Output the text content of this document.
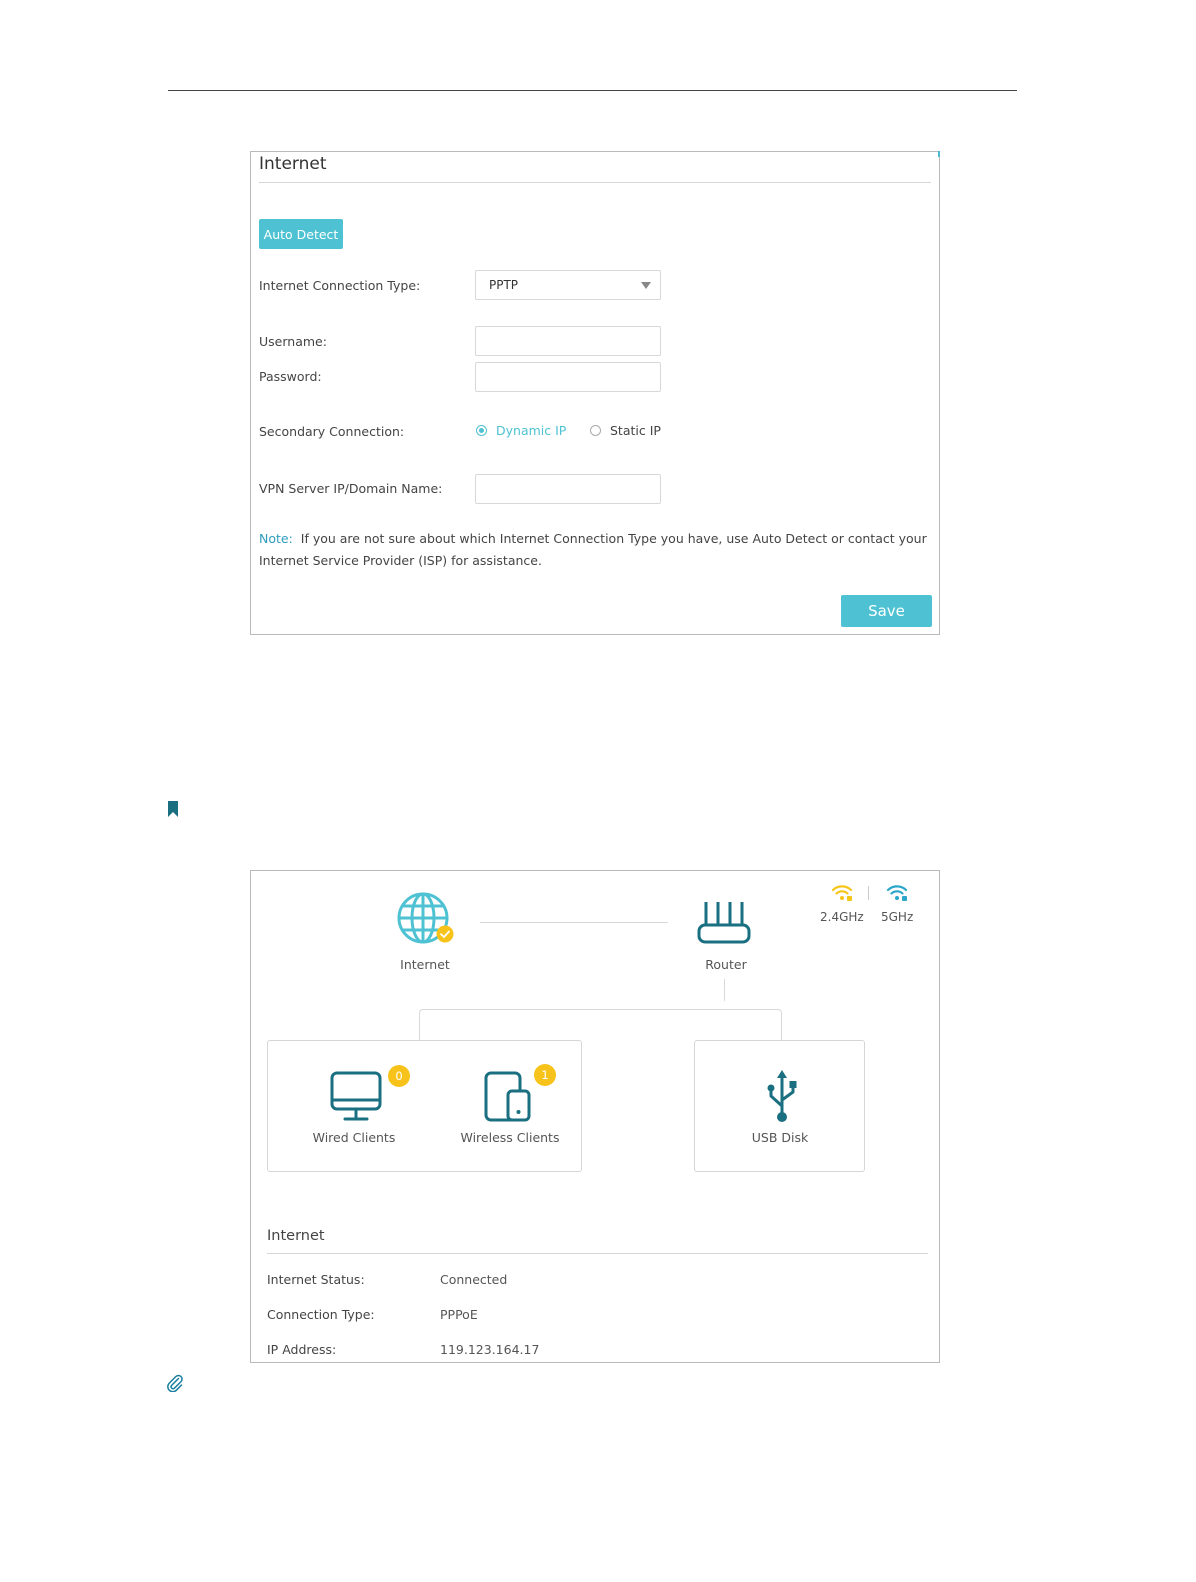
Internet
Auto Detect
Internet Connection Type:	PPTP
Username:
Password:
Secondary Connection:	Dynamic IP	Static IP
VPN Server IP/Domain Name:
Note: If you are not sure about which Internet Connection Type you have, use Auto Detect or contact your Internet Service Provider (ISP) for assistance.
Save
Internet	Router
2.4GHz 5GHz
0
Wired Clients
1
Wireless Clients	USB Disk
Internet
Internet Status:	Connected
Connection Type:	PPPoE
IP Address:	119.123.164.17
